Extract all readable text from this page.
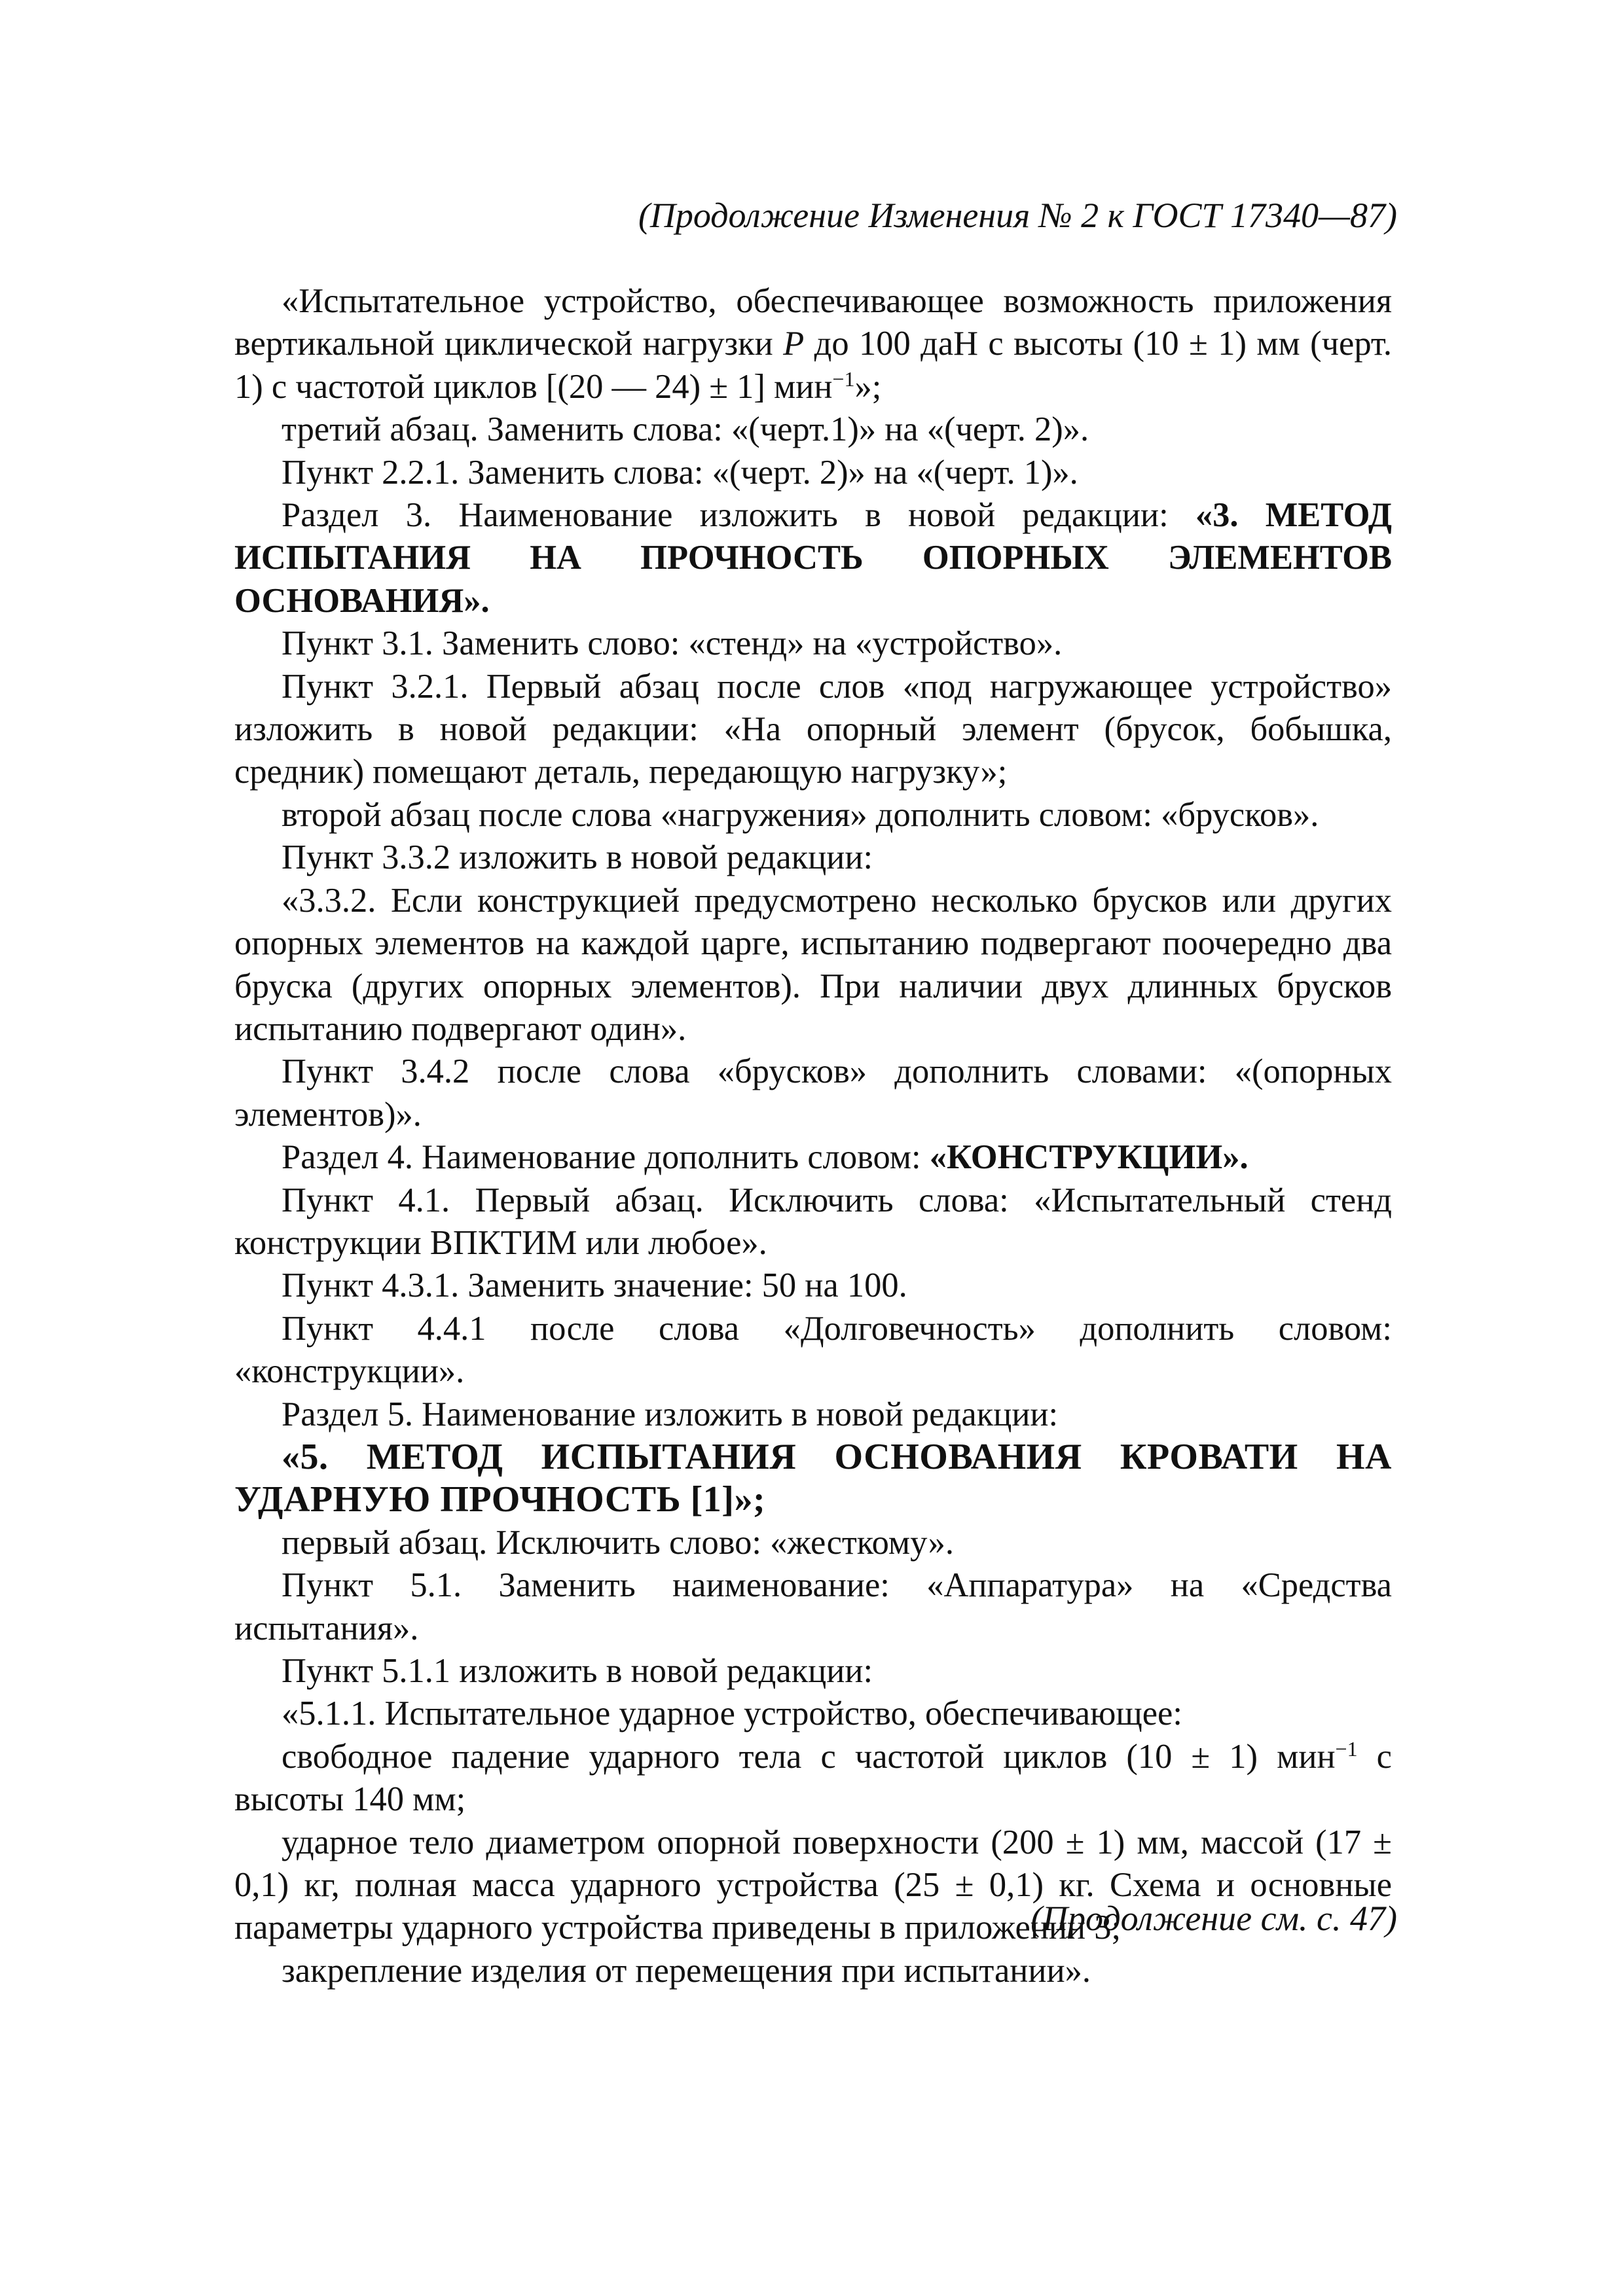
(Продолжение Изменения № 2 к ГОСТ 17340—87)

«Испытательное устройство, обеспечивающее возможность приложения вертикальной циклической нагрузки Р до 100 даН с высоты (10 ± 1) мм (черт. 1) с частотой циклов [(20 — 24) ± 1] мин$^{-1}$»;

третий абзац. Заменить слова: «(черт.1)» на «(черт. 2)».

Пункт 2.2.1. Заменить слова: «(черт. 2)» на «(черт. 1)».

Раздел 3. Наименование изложить в новой редакции: «3. МЕТОД ИСПЫТАНИЯ НА ПРОЧНОСТЬ ОПОРНЫХ ЭЛЕМЕНТОВ ОСНОВАНИЯ».

Пункт 3.1. Заменить слово: «стенд» на «устройство».

Пункт 3.2.1. Первый абзац после слов «под нагружающее устройство» изложить в новой редакции: «На опорный элемент (брусок, бобышка, средник) помещают деталь, передающую нагрузку»;

второй абзац после слова «нагружения» дополнить словом: «брусков».

Пункт 3.3.2 изложить в новой редакции:

«3.3.2. Если конструкцией предусмотрено несколько брусков или других опорных элементов на каждой царге, испытанию подвергают поочередно два бруска (других опорных элементов). При наличии двух длинных брусков испытанию подвергают один».

Пункт 3.4.2 после слова «брусков» дополнить словами: «(опорных элементов)».

Раздел 4. Наименование дополнить словом: «КОНСТРУКЦИИ».

Пункт 4.1. Первый абзац. Исключить слова: «Испытательный стенд конструкции ВПКТИМ или любое».

Пункт 4.3.1. Заменить значение: 50 на 100.

Пункт 4.4.1 после слова «Долговечность» дополнить словом: «конструкции».

Раздел 5. Наименование изложить в новой редакции:

«5. МЕТОД ИСПЫТАНИЯ ОСНОВАНИЯ КРОВАТИ НА УДАРНУЮ ПРОЧНОСТЬ [1]»;

первый абзац. Исключить слово: «жесткому».

Пункт 5.1. Заменить наименование: «Аппаратура» на «Средства испытания».

Пункт 5.1.1 изложить в новой редакции:

«5.1.1. Испытательное ударное устройство, обеспечивающее:

свободное падение ударного тела с частотой циклов (10 ± 1) мин$^{-1}$ с высоты 140 мм;

ударное тело диаметром опорной поверхности (200 ± 1) мм, массой (17 ± 0,1) кг, полная масса ударного устройства (25 ± 0,1) кг. Схема и основные параметры ударного устройства приведены в приложении 3;

закрепление изделия от перемещения при испытании».

(Продолжение см. с. 47)
